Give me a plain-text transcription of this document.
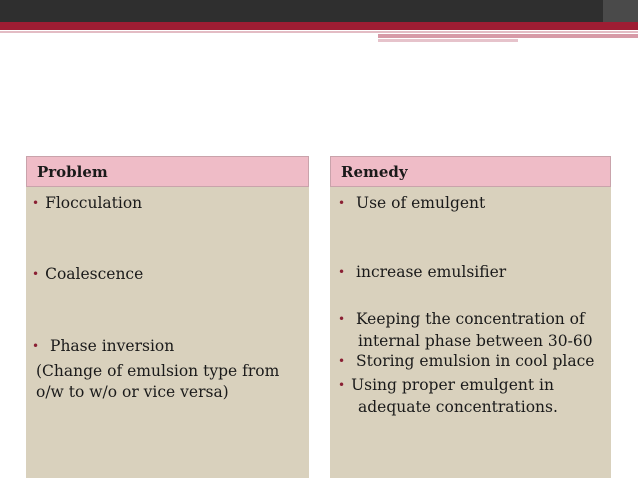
Problem
• Flocculation
• Coalescence
• Phase inversion
(Change of emulsion type from o/w to w/o or vice versa)
Remedy
• Use of emulgent
• increase emulsifier
• Keeping the concentration of internal phase between 30-60
• Storing emulsion in cool place
• Using proper emulgent in adequate concentrations.
